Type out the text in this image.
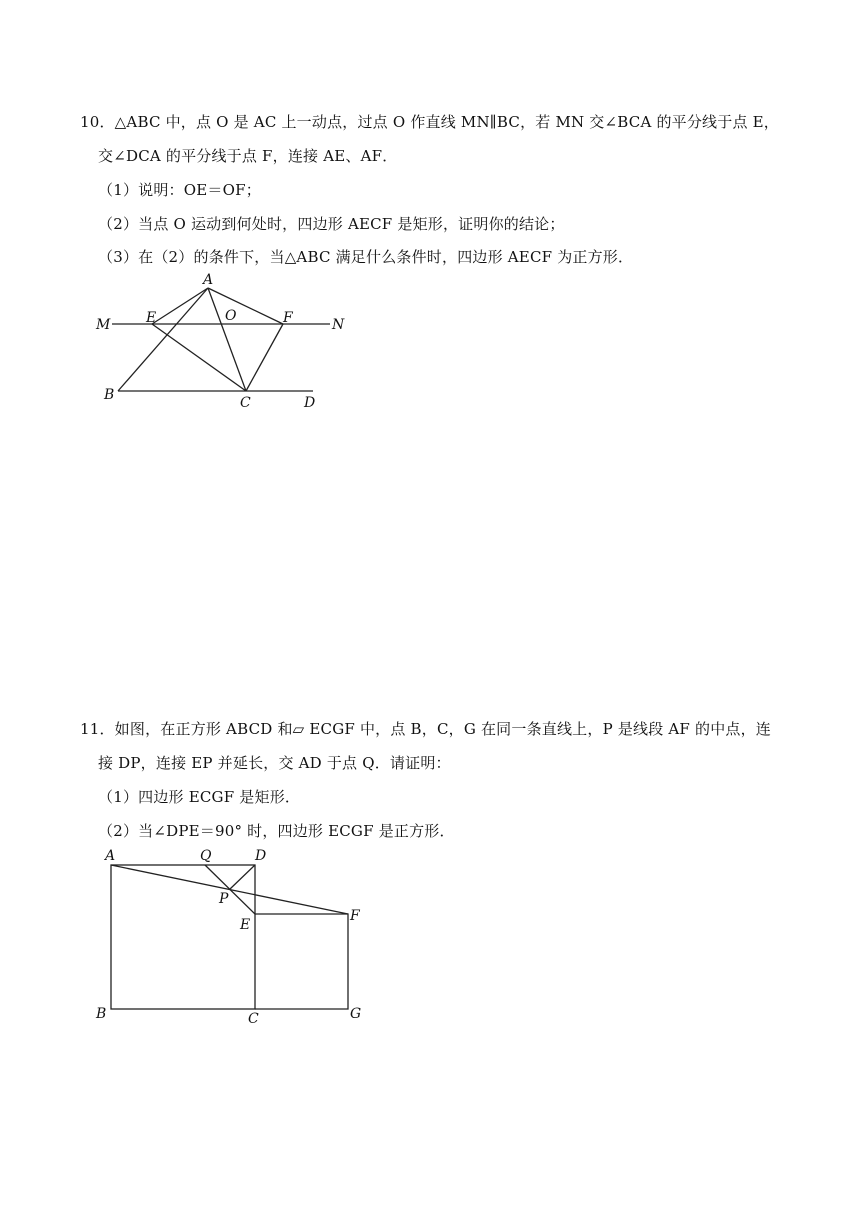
10．△ABC 中，点 O 是 AC 上一动点，过点 O 作直线 MN∥BC，若 MN 交∠BCA 的平分线于点 E，
交∠DCA 的平分线于点 F，连接 AE、AF．
（1）说明：OE＝OF；
（2）当点 O 运动到何处时，四边形 AECF 是矩形，证明你的结论；
（3）在（2）的条件下，当△ABC 满足什么条件时，四边形 AECF 为正方形．
A
M	E	O	F	N
B	C	D
11．如图，在正方形 ABCD 和▱ ECGF 中，点 B，C，G 在同一条直线上，P 是线段 AF 的中点，连
接 DP，连接 EP 并延长，交 AD 于点 Q．请证明：
（1）四边形 ECGF 是矩形．
（2）当∠DPE＝90° 时，四边形 ECGF 是正方形．
A	Q	D
P
F
E
B	C	G
